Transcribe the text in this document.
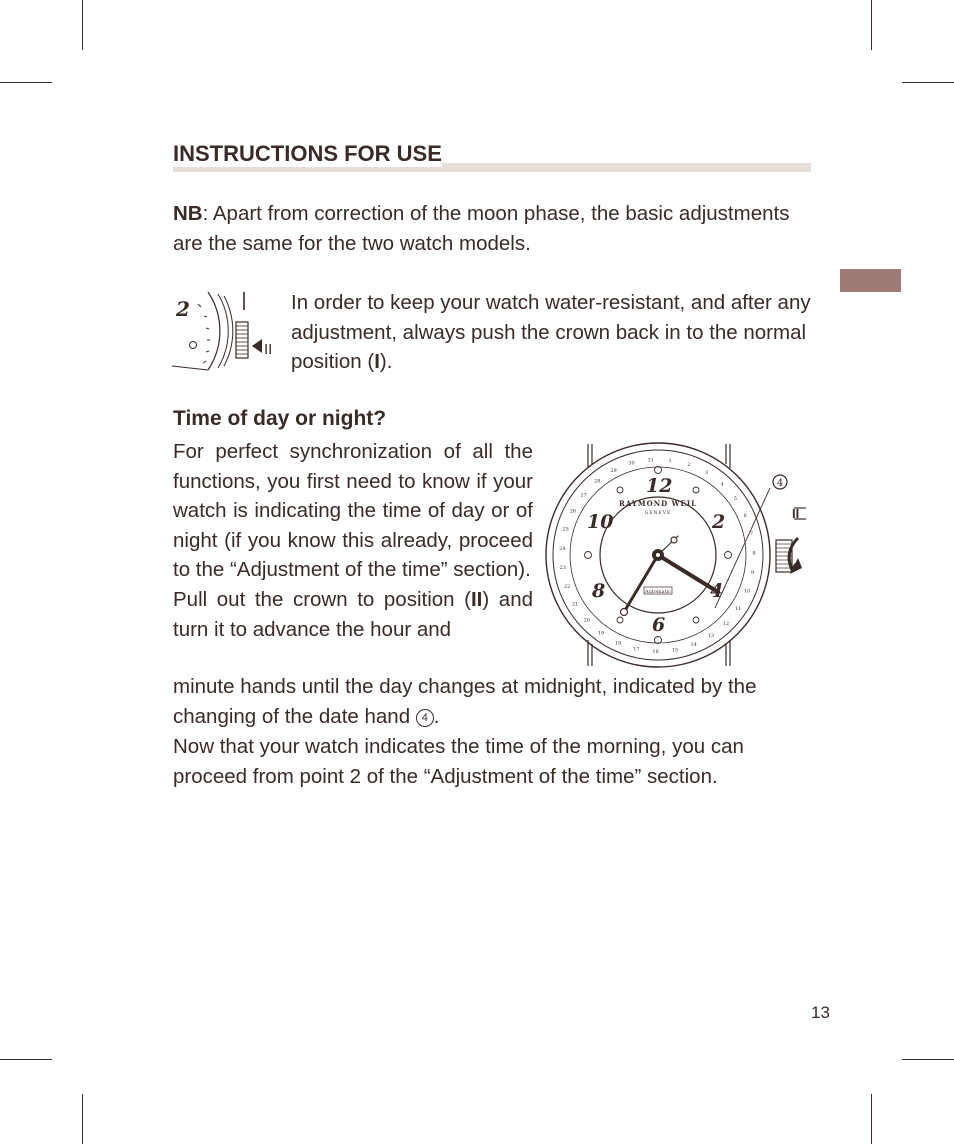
INSTRUCTIONS FOR USE

NB: Apart from correction of the moon phase, the basic adjustments are the same for the two watch models.

2
II

In order to keep your watch water-resistant, and after any adjustment, always push the crown back in to the normal position (I).

Time of day or night?

For perfect synchronization of all the functions, you first need to know if your watch is indicating the time of day or of night (if you know this already, proceed to the “Adjustment of the time” section).
Pull out the crown to position (II) and turn it to advance the hour and

minute hands until the day changes at midnight, indicated by the changing of the date hand 4 .

Now that your watch indicates the time of the morning, you can proceed from point 2 of the “Adjustment of the time” section.

30
31	1
2
3
4
5
6
7
8
9
10
11
12
13
14
15
16
17
18
19
20
21
22
23
24
25
26
27
28
29
12
2
4
6
8
10
RAYMOND WEIL
GENEVE
Automatic
4
II
13
